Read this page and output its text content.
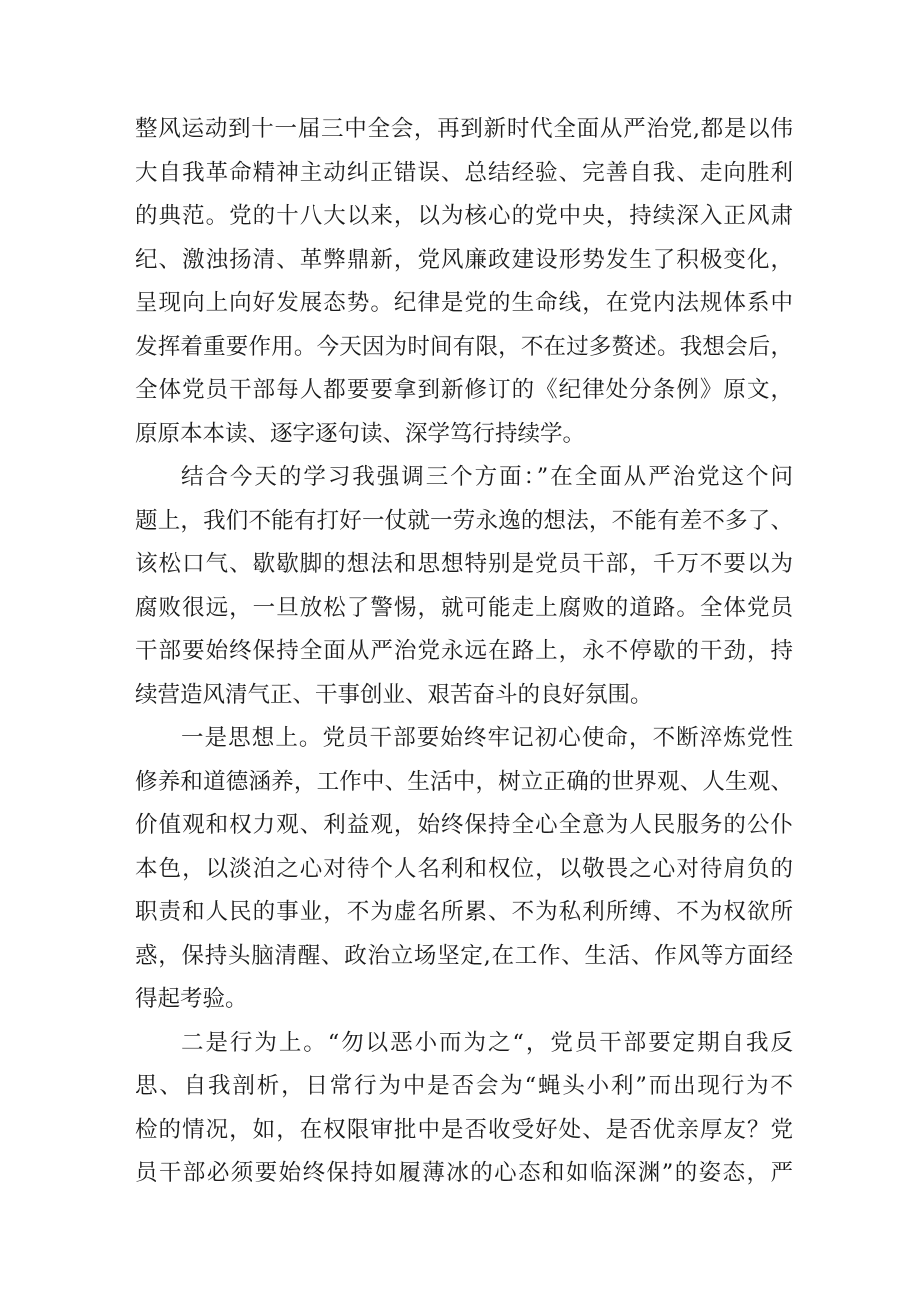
整风运动到十一届三中全会，再到新时代全面从严治党,都是以伟
大自我革命精神主动纠正错误、总结经验、完善自我、走向胜利
的典范。党的十八大以来，以为核心的党中央，持续深入正风肃
纪、激浊扬清、革弊鼎新，党风廉政建设形势发生了积极变化，
呈现向上向好发展态势。纪律是党的生命线，在党内法规体系中
发挥着重要作用。今天因为时间有限，不在过多赘述。我想会后，
全体党员干部每人都要要拿到新修订的《纪律处分条例》原文，
原原本本读、逐字逐句读、深学笃行持续学。
结合今天的学习我强调三个方面：”在全面从严治党这个问
题上，我们不能有打好一仗就一劳永逸的想法，不能有差不多了、
该松口气、歇歇脚的想法和思想特别是党员干部，千万不要以为
腐败很远，一旦放松了警惕，就可能走上腐败的道路。全体党员
干部要始终保持全面从严治党永远在路上，永不停歇的干劲，持
续营造风清气正、干事创业、艰苦奋斗的良好氛围。
一是思想上。党员干部要始终牢记初心使命，不断淬炼党性
修养和道德涵养，工作中、生活中，树立正确的世界观、人生观、
价值观和权力观、利益观，始终保持全心全意为人民服务的公仆
本色，以淡泊之心对待个人名利和权位，以敬畏之心对待肩负的
职责和人民的事业，不为虚名所累、不为私利所缚、不为权欲所
惑，保持头脑清醒、政治立场坚定,在工作、生活、作风等方面经
得起考验。
二是行为上。“勿以恶小而为之“，党员干部要定期自我反
思、自我剖析，日常行为中是否会为“蝇头小利”而出现行为不
检的情况，如，在权限审批中是否收受好处、是否优亲厚友？党
员干部必须要始终保持如履薄冰的心态和如临深渊”的姿态，严
